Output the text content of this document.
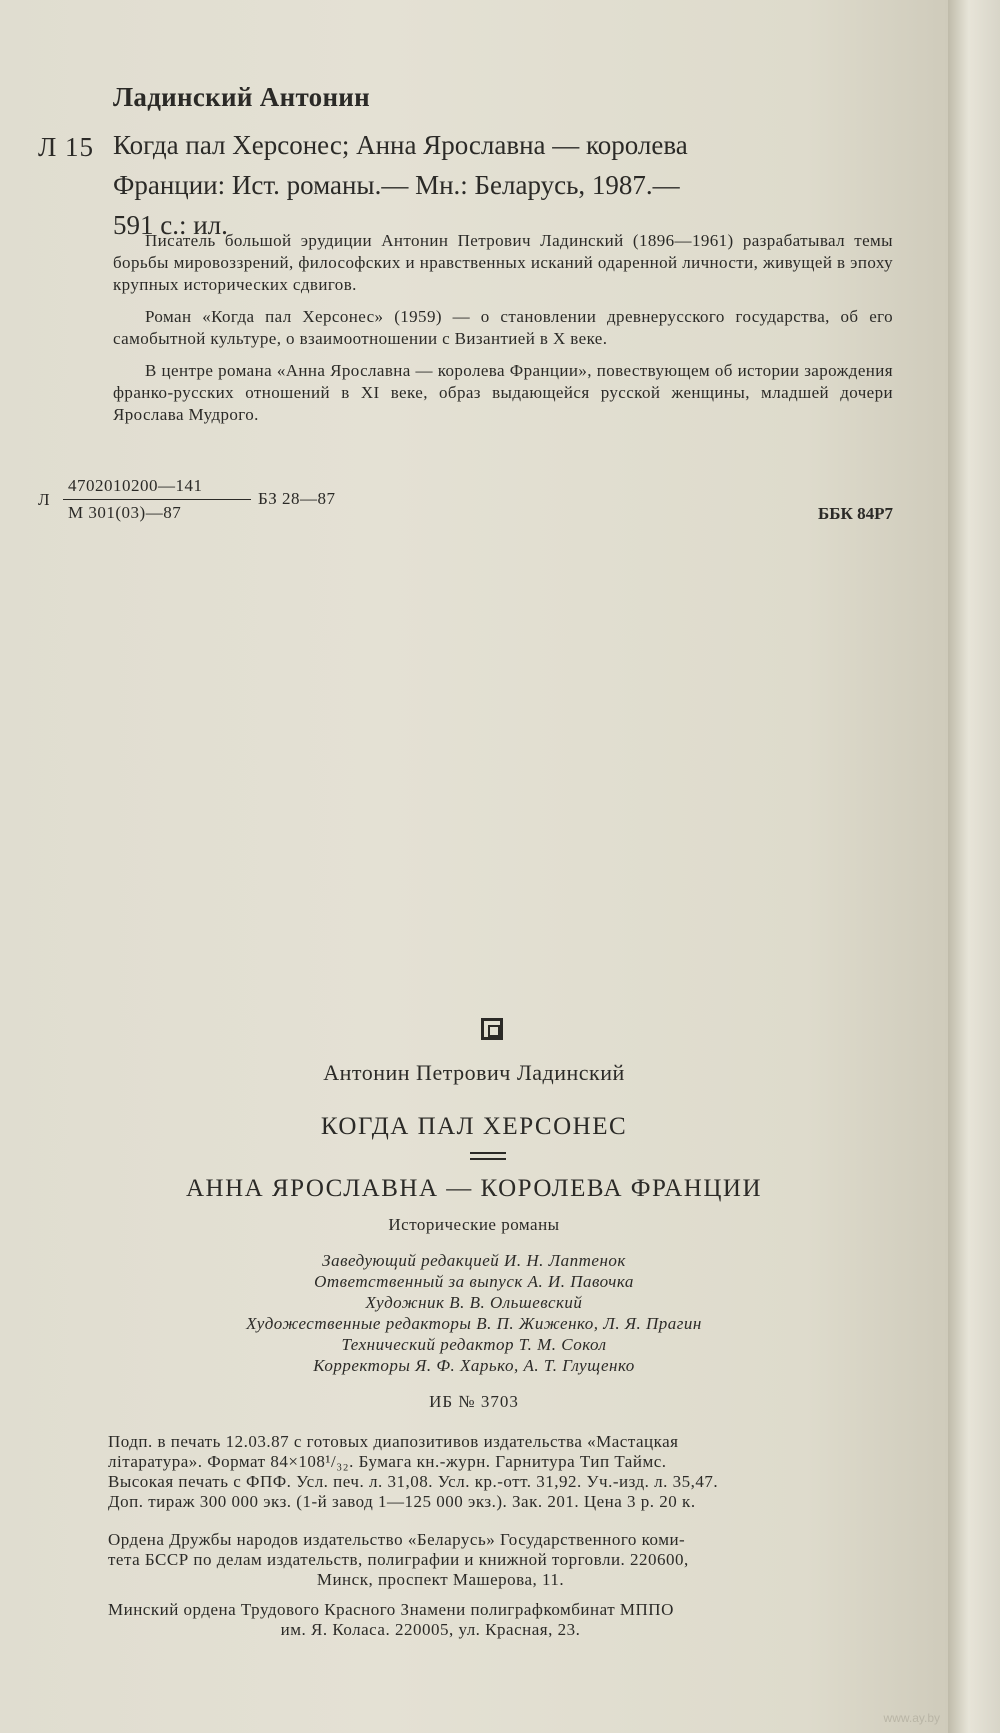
Ладинский Антонин
Л 15 Когда пал Херсонес; Анна Ярославна — королева
Франции: Ист. романы.— Мн.: Беларусь, 1987.—
591 с.: ил.

Писатель большой эрудиции Антонин Петрович Ладинский (1896—1961) разрабатывал темы борьбы мировоззрений, философских и нравственных исканий одаренной личности, живущей в эпоху крупных исторических сдвигов.

Роман «Когда пал Херсонес» (1959) — о становлении древнерусского государства, об его самобытной культуре, о взаимоотношении с Византией в X веке.

В центре романа «Анна Ярославна — королева Франции», повествующем об истории зарождения франко-русских отношений в XI веке, образ выдающейся русской женщины, младшей дочери Ярослава Мудрого.

Л
4702010200—141
М 301(03)—87
БЗ 28—87
ББК 84Р7
Антонин Петрович Ладинский
КОГДА ПАЛ ХЕРСОНЕС
АННА ЯРОСЛАВНА — КОРОЛЕВА ФРАНЦИИ
Исторические романы
Заведующий редакцией И. Н. Лаптенок
Ответственный за выпуск А. И. Павочка
Художник В. В. Ольшевский
Художественные редакторы В. П. Жиженко, Л. Я. Прагин
Технический редактор Т. М. Сокол
Корректоры Я. Ф. Харько, А. Т. Глущенко
ИБ № 3703
Подп. в печать 12.03.87 с готовых диапозитивов издательства «Мастацкая
літаратура». Формат 84×108¹/₃₂. Бумага кн.-журн. Гарнитура Тип Таймс.
Высокая печать с ФПФ. Усл. печ. л. 31,08. Усл. кр.-отт. 31,92. Уч.-изд. л. 35,47.
Доп. тираж 300 000 экз. (1-й завод 1—125 000 экз.). Зак. 201. Цена 3 р. 20 к.
Ордена Дружбы народов издательство «Беларусь» Государственного коми-
тета БССР по делам издательств, полиграфии и книжной торговли. 220600,
Минск, проспект Машерова, 11.
Минский ордена Трудового Красного Знамени полиграфкомбинат МППО
им. Я. Коласа. 220005, ул. Красная, 23.
www.ay.by
